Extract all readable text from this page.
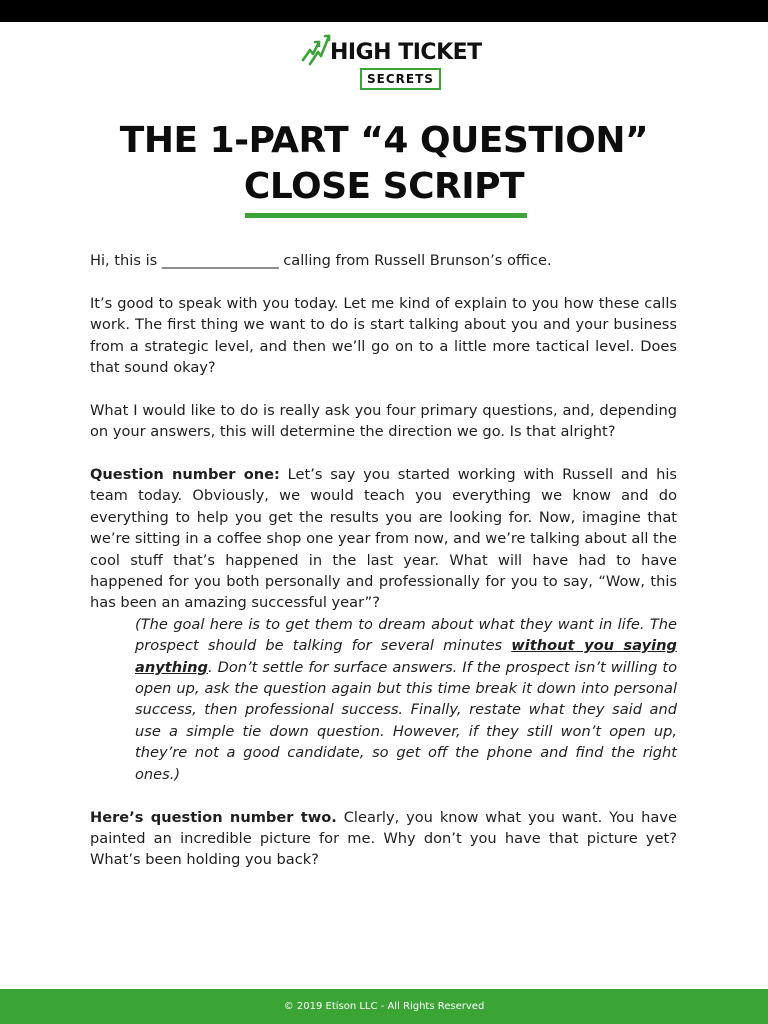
HIGH TICKET
SECRETS
THE 1-PART “4 QUESTION”
CLOSE SCRIPT

Hi, this is ________________ calling from Russell Brunson’s office.

It’s good to speak with you today. Let me kind of explain to you how these calls work. The first thing we want to do is start talking about you and your business from a strategic level, and then we’ll go on to a little more tactical level. Does that sound okay?

What I would like to do is really ask you four primary questions, and, depending on your answers, this will determine the direction we go. Is that alright?

Question number one: Let’s say you started working with Russell and his team today. Obviously, we would teach you everything we know and do everything to help you get the results you are looking for. Now, imagine that we’re sitting in a coffee shop one year from now, and we’re talking about all the cool stuff that’s happened in the last year. What will have had to have happened for you both personally and professionally for you to say, “Wow, this has been an amazing successful year”?

(The goal here is to get them to dream about what they want in life. The prospect should be talking for several minutes without you saying anything. Don’t settle for surface answers. If the prospect isn’t willing to open up, ask the question again but this time break it down into personal success, then professional success. Finally, restate what they said and use a simple tie down question. However, if they still won’t open up, they’re not a good candidate, so get off the phone and find the right ones.)

Here’s question number two. Clearly, you know what you want. You have painted an incredible picture for me. Why don’t you have that picture yet? What’s been holding you back?

© 2019 Etison LLC - All Rights Reserved
